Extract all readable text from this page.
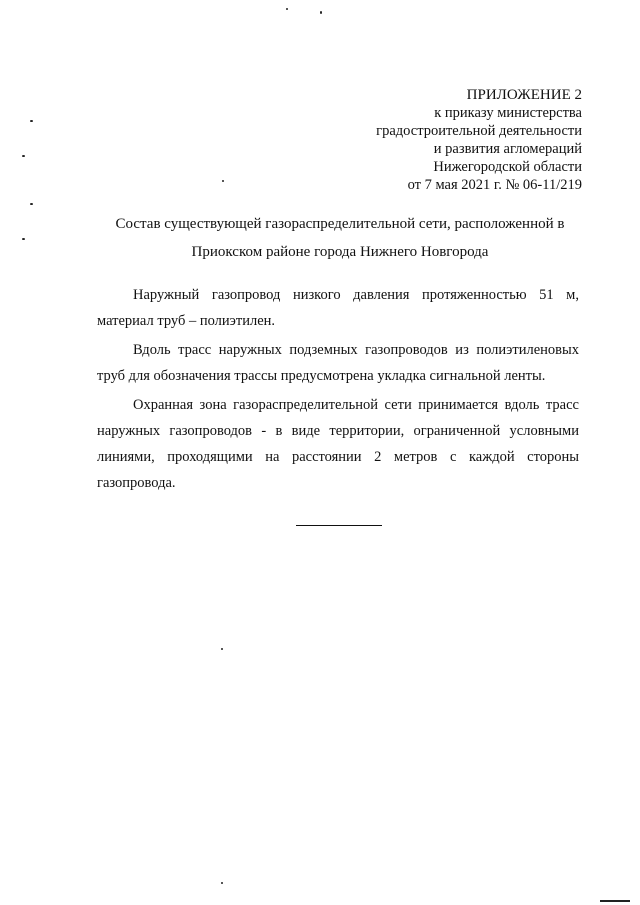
ПРИЛОЖЕНИЕ 2
к приказу министерства
градостроительной деятельности
и развития агломераций
Нижегородской области
от 7 мая 2021 г. № 06-11/219
Состав существующей газораспределительной сети, расположенной в
Приокском районе города Нижнего Новгорода

Наружный газопровод низкого давления протяженностью 51 м, материал труб – полиэтилен.

Вдоль трасс наружных подземных газопроводов из полиэтиленовых труб для обозначения трассы предусмотрена укладка сигнальной ленты.

Охранная зона газораспределительной сети принимается вдоль трасс наружных газопроводов - в виде территории, ограниченной условными линиями, проходящими на расстоянии 2 метров с каждой стороны газопровода.
